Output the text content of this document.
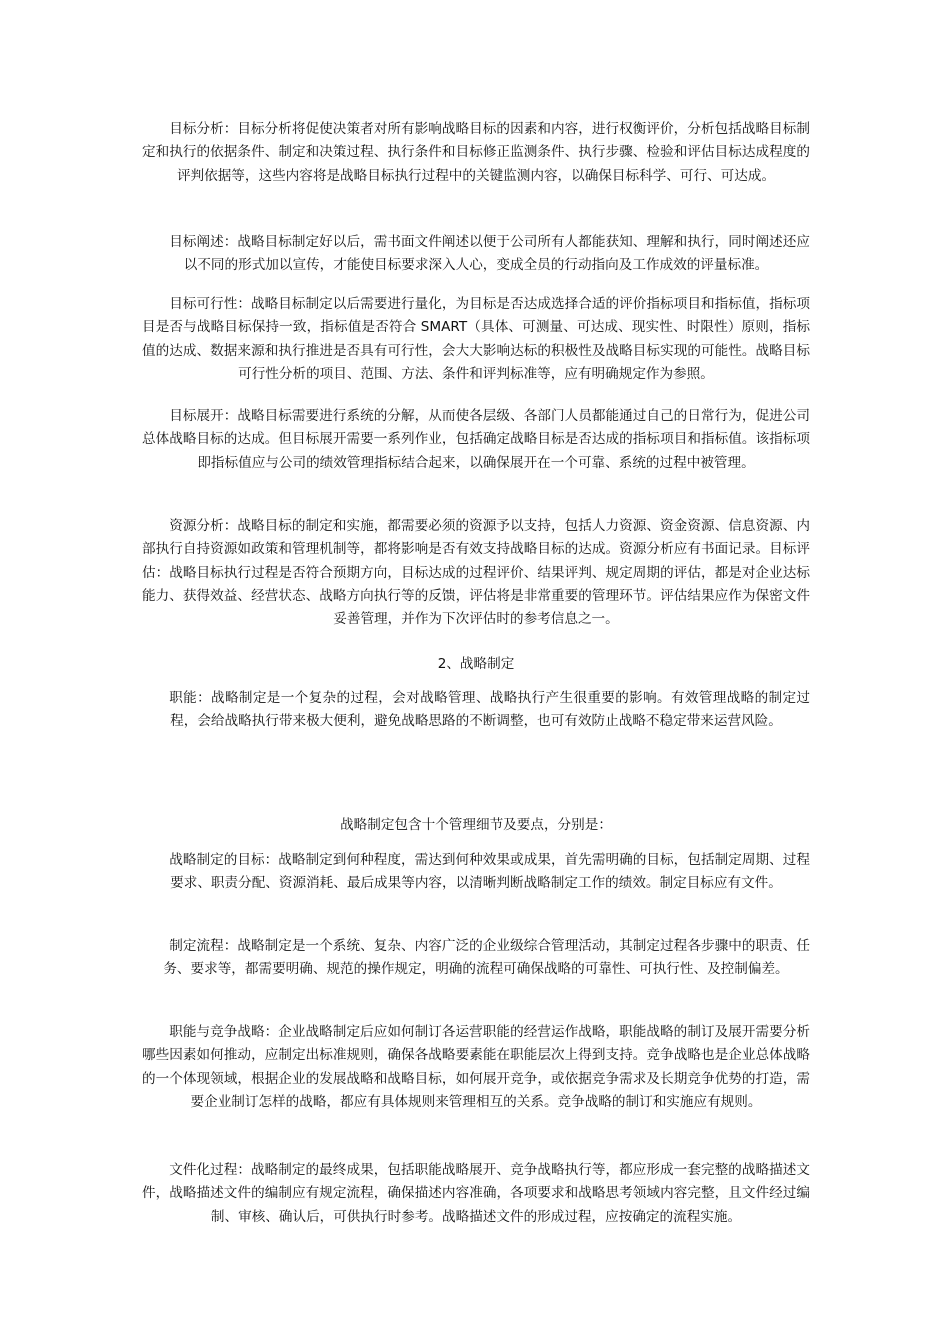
目标分析：目标分析将促使决策者对所有影响战略目标的因素和内容，进行权衡评价，分析包括战略目标制定和执行的依据条件、制定和决策过程、执行条件和目标修正监测条件、执行步骤、检验和评估目标达成程度的评判依据等，这些内容将是战略目标执行过程中的关键监测内容，以确保目标科学、可行、可达成。

目标阐述：战略目标制定好以后，需书面文件阐述以便于公司所有人都能获知、理解和执行，同时阐述还应以不同的形式加以宣传，才能使目标要求深入人心，变成全员的行动指向及工作成效的评量标准。

目标可行性：战略目标制定以后需要进行量化，为目标是否达成选择合适的评价指标项目和指标值，指标项目是否与战略目标保持一致，指标值是否符合 SMART（具体、可测量、可达成、现实性、时限性）原则，指标值的达成、数据来源和执行推进是否具有可行性，会大大影响达标的积极性及战略目标实现的可能性。战略目标可行性分析的项目、范围、方法、条件和评判标准等，应有明确规定作为参照。

目标展开：战略目标需要进行系统的分解，从而使各层级、各部门人员都能通过自己的日常行为，促进公司总体战略目标的达成。但目标展开需要一系列作业，包括确定战略目标是否达成的指标项目和指标值。该指标项即指标值应与公司的绩效管理指标结合起来，以确保展开在一个可靠、系统的过程中被管理。

资源分析：战略目标的制定和实施，都需要必须的资源予以支持，包括人力资源、资金资源、信息资源、内部执行自持资源如政策和管理机制等，都将影响是否有效支持战略目标的达成。资源分析应有书面记录。目标评估：战略目标执行过程是否符合预期方向，目标达成的过程评价、结果评判、规定周期的评估，都是对企业达标能力、获得效益、经营状态、战略方向执行等的反馈，评估将是非常重要的管理环节。评估结果应作为保密文件妥善管理，并作为下次评估时的参考信息之一。

2、战略制定

职能：战略制定是一个复杂的过程，会对战略管理、战略执行产生很重要的影响。有效管理战略的制定过程，会给战略执行带来极大便利，避免战略思路的不断调整，也可有效防止战略不稳定带来运营风险。

战略制定包含十个管理细节及要点，分别是：

战略制定的目标：战略制定到何种程度，需达到何种效果或成果，首先需明确的目标，包括制定周期、过程要求、职责分配、资源消耗、最后成果等内容，以清晰判断战略制定工作的绩效。制定目标应有文件。

制定流程：战略制定是一个系统、复杂、内容广泛的企业级综合管理活动，其制定过程各步骤中的职责、任务、要求等，都需要明确、规范的操作规定，明确的流程可确保战略的可靠性、可执行性、及控制偏差。

职能与竞争战略：企业战略制定后应如何制订各运营职能的经营运作战略，职能战略的制订及展开需要分析哪些因素如何推动，应制定出标准规则，确保各战略要素能在职能层次上得到支持。竞争战略也是企业总体战略的一个体现领域，根据企业的发展战略和战略目标，如何展开竞争，或依据竞争需求及长期竞争优势的打造，需要企业制订怎样的战略，都应有具体规则来管理相互的关系。竞争战略的制订和实施应有规则。

文件化过程：战略制定的最终成果，包括职能战略展开、竞争战略执行等，都应形成一套完整的战略描述文件，战略描述文件的编制应有规定流程，确保描述内容准确，各项要求和战略思考领域内容完整，且文件经过编制、审核、确认后，可供执行时参考。战略描述文件的形成过程，应按确定的流程实施。
